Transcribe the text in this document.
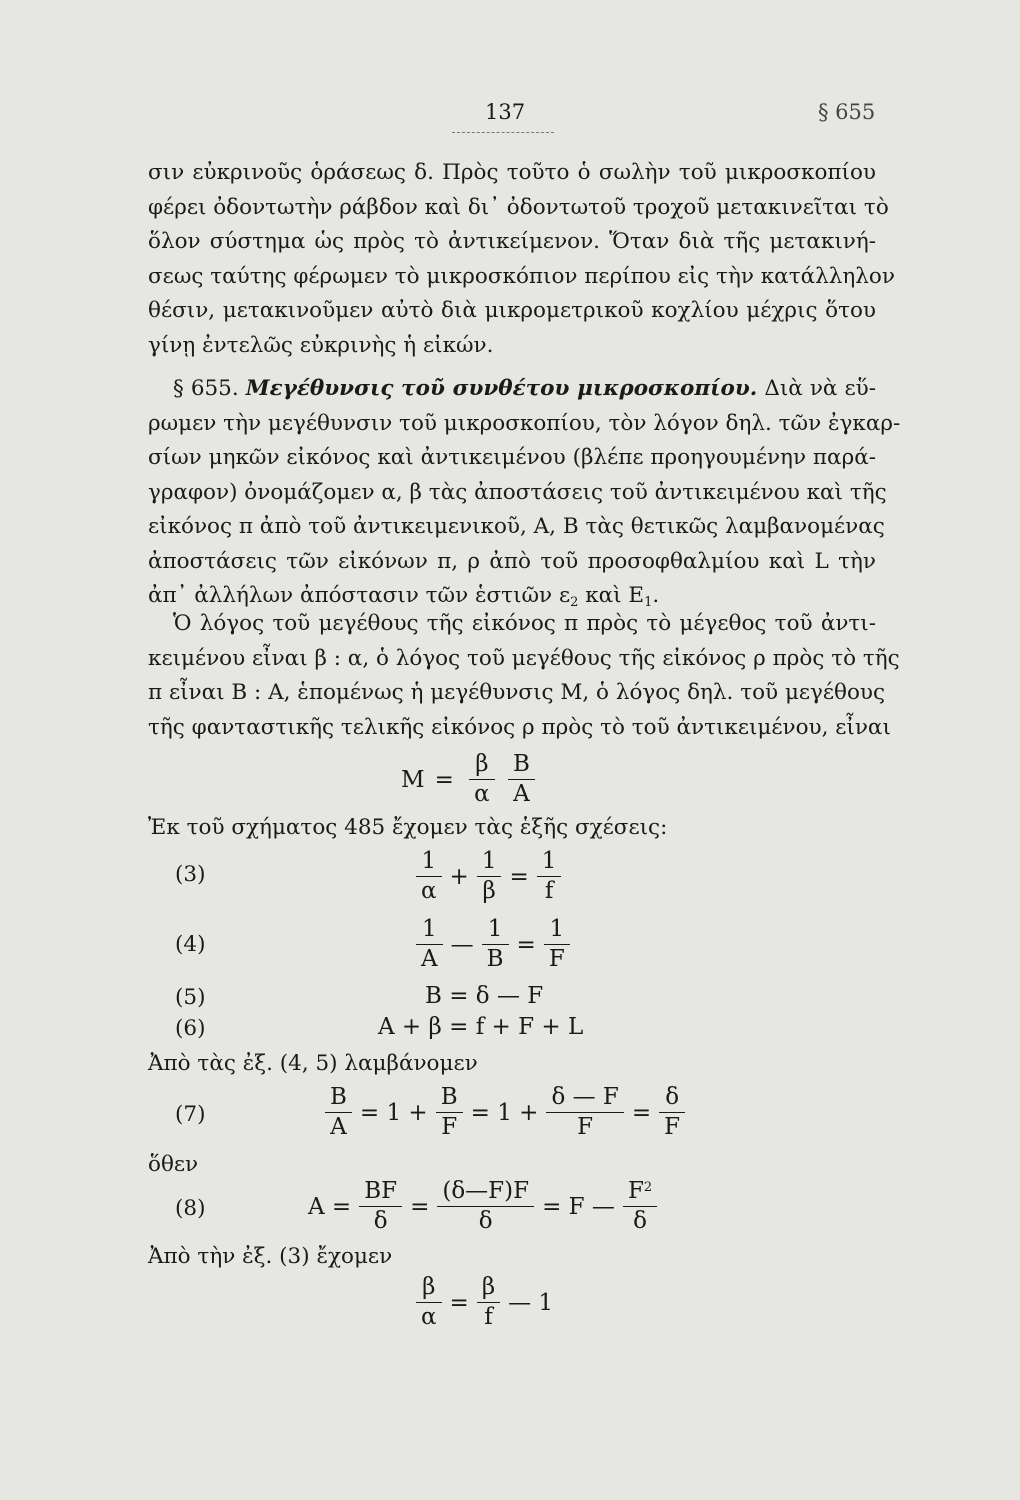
137	§ 655
σιν εὐκρινοῦς ὁράσεως δ. Πρὸς τοῦτο ὁ σωλὴν τοῦ μικροσκοπίου
φέρει ὀδοντωτὴν ράβδον καὶ δι᾽ ὀδοντωτοῦ τροχοῦ μετακινεῖται τὸ
ὅλον σύστημα ὡς πρὸς τὸ ἀντικείμενον. Ὅταν διὰ τῆς μετακινή-
σεως ταύτης φέρωμεν τὸ μικροσκόπιον περίπου εἰς τὴν κατάλληλον
θέσιν, μετακινοῦμεν αὐτὸ διὰ μικρομετρικοῦ κοχλίου μέχρις ὅτου
γίνῃ ἐντελῶς εὐκρινὴς ἡ εἰκών.
§ 655. Μεγέθυνσις τοῦ συνθέτου μικροσκοπίου. Διὰ νὰ εὕ-
ρωμεν τὴν μεγέθυνσιν τοῦ μικροσκοπίου, τὸν λόγον δηλ. τῶν ἐγκαρ-
σίων μηκῶν εἰκόνος καὶ ἀντικειμένου (βλέπε προηγουμένην παρά-
γραφον) ὀνομάζομεν α, β τὰς ἀποστάσεις τοῦ ἀντικειμένου καὶ τῆς
εἰκόνος π ἀπὸ τοῦ ἀντικειμενικοῦ, Α, Β τὰς θετικῶς λαμβανομένας
ἀποστάσεις τῶν εἰκόνων π, ρ ἀπὸ τοῦ προσοφθαλμίου καὶ L τὴν
ἀπ᾽ ἀλλήλων ἀπόστασιν τῶν ἑστιῶν $\varepsilon_2$ καὶ $E_1$.
Ὁ λόγος τοῦ μεγέθους τῆς εἰκόνος π πρὸς τὸ μέγεθος τοῦ ἀντι-
κειμένου εἶναι β : α, ὁ λόγος τοῦ μεγέθους τῆς εἰκόνος ρ πρὸς τὸ τῆς
π εἶναι Β : Α, ἑπομένως ἡ μεγέθυνσις Μ, ὁ λόγος δηλ. τοῦ μεγέθους
τῆς φανταστικῆς τελικῆς εἰκόνος ρ πρὸς τὸ τοῦ ἀντικειμένου, εἶναι
$M = \frac{\beta}{\alpha}$
$\frac{B}{A}$
Ἐκ τοῦ σχήματος 485 ἔχομεν τὰς ἑξῆς σχέσεις:
(3)	$\frac{1}{\alpha} + \frac{1}{\beta} = \frac{1}{f}$
(4)	$\frac{1}{A}$ — $\frac{1}{B} = \frac{1}{F}$
(5)	B = δ — F
(6)	A + β = f + F + L
Ἀπὸ τὰς ἐξ. (4, 5) λαμβάνομεν
(7)	$\frac{B}{A} = 1 + \frac{B}{F} = 1 + \frac{\delta — F}{F} = \frac{\delta}{F}$
ὅθεν
(8)	$A = \frac{BF}{\delta} = \frac{(\delta—F)F}{\delta} = F$ — $\frac{F^2}{\delta}$
Ἀπὸ τὴν ἐξ. (3) ἔχομεν
$\frac{\beta}{\alpha} = \frac{\beta}{f}$ — 1
